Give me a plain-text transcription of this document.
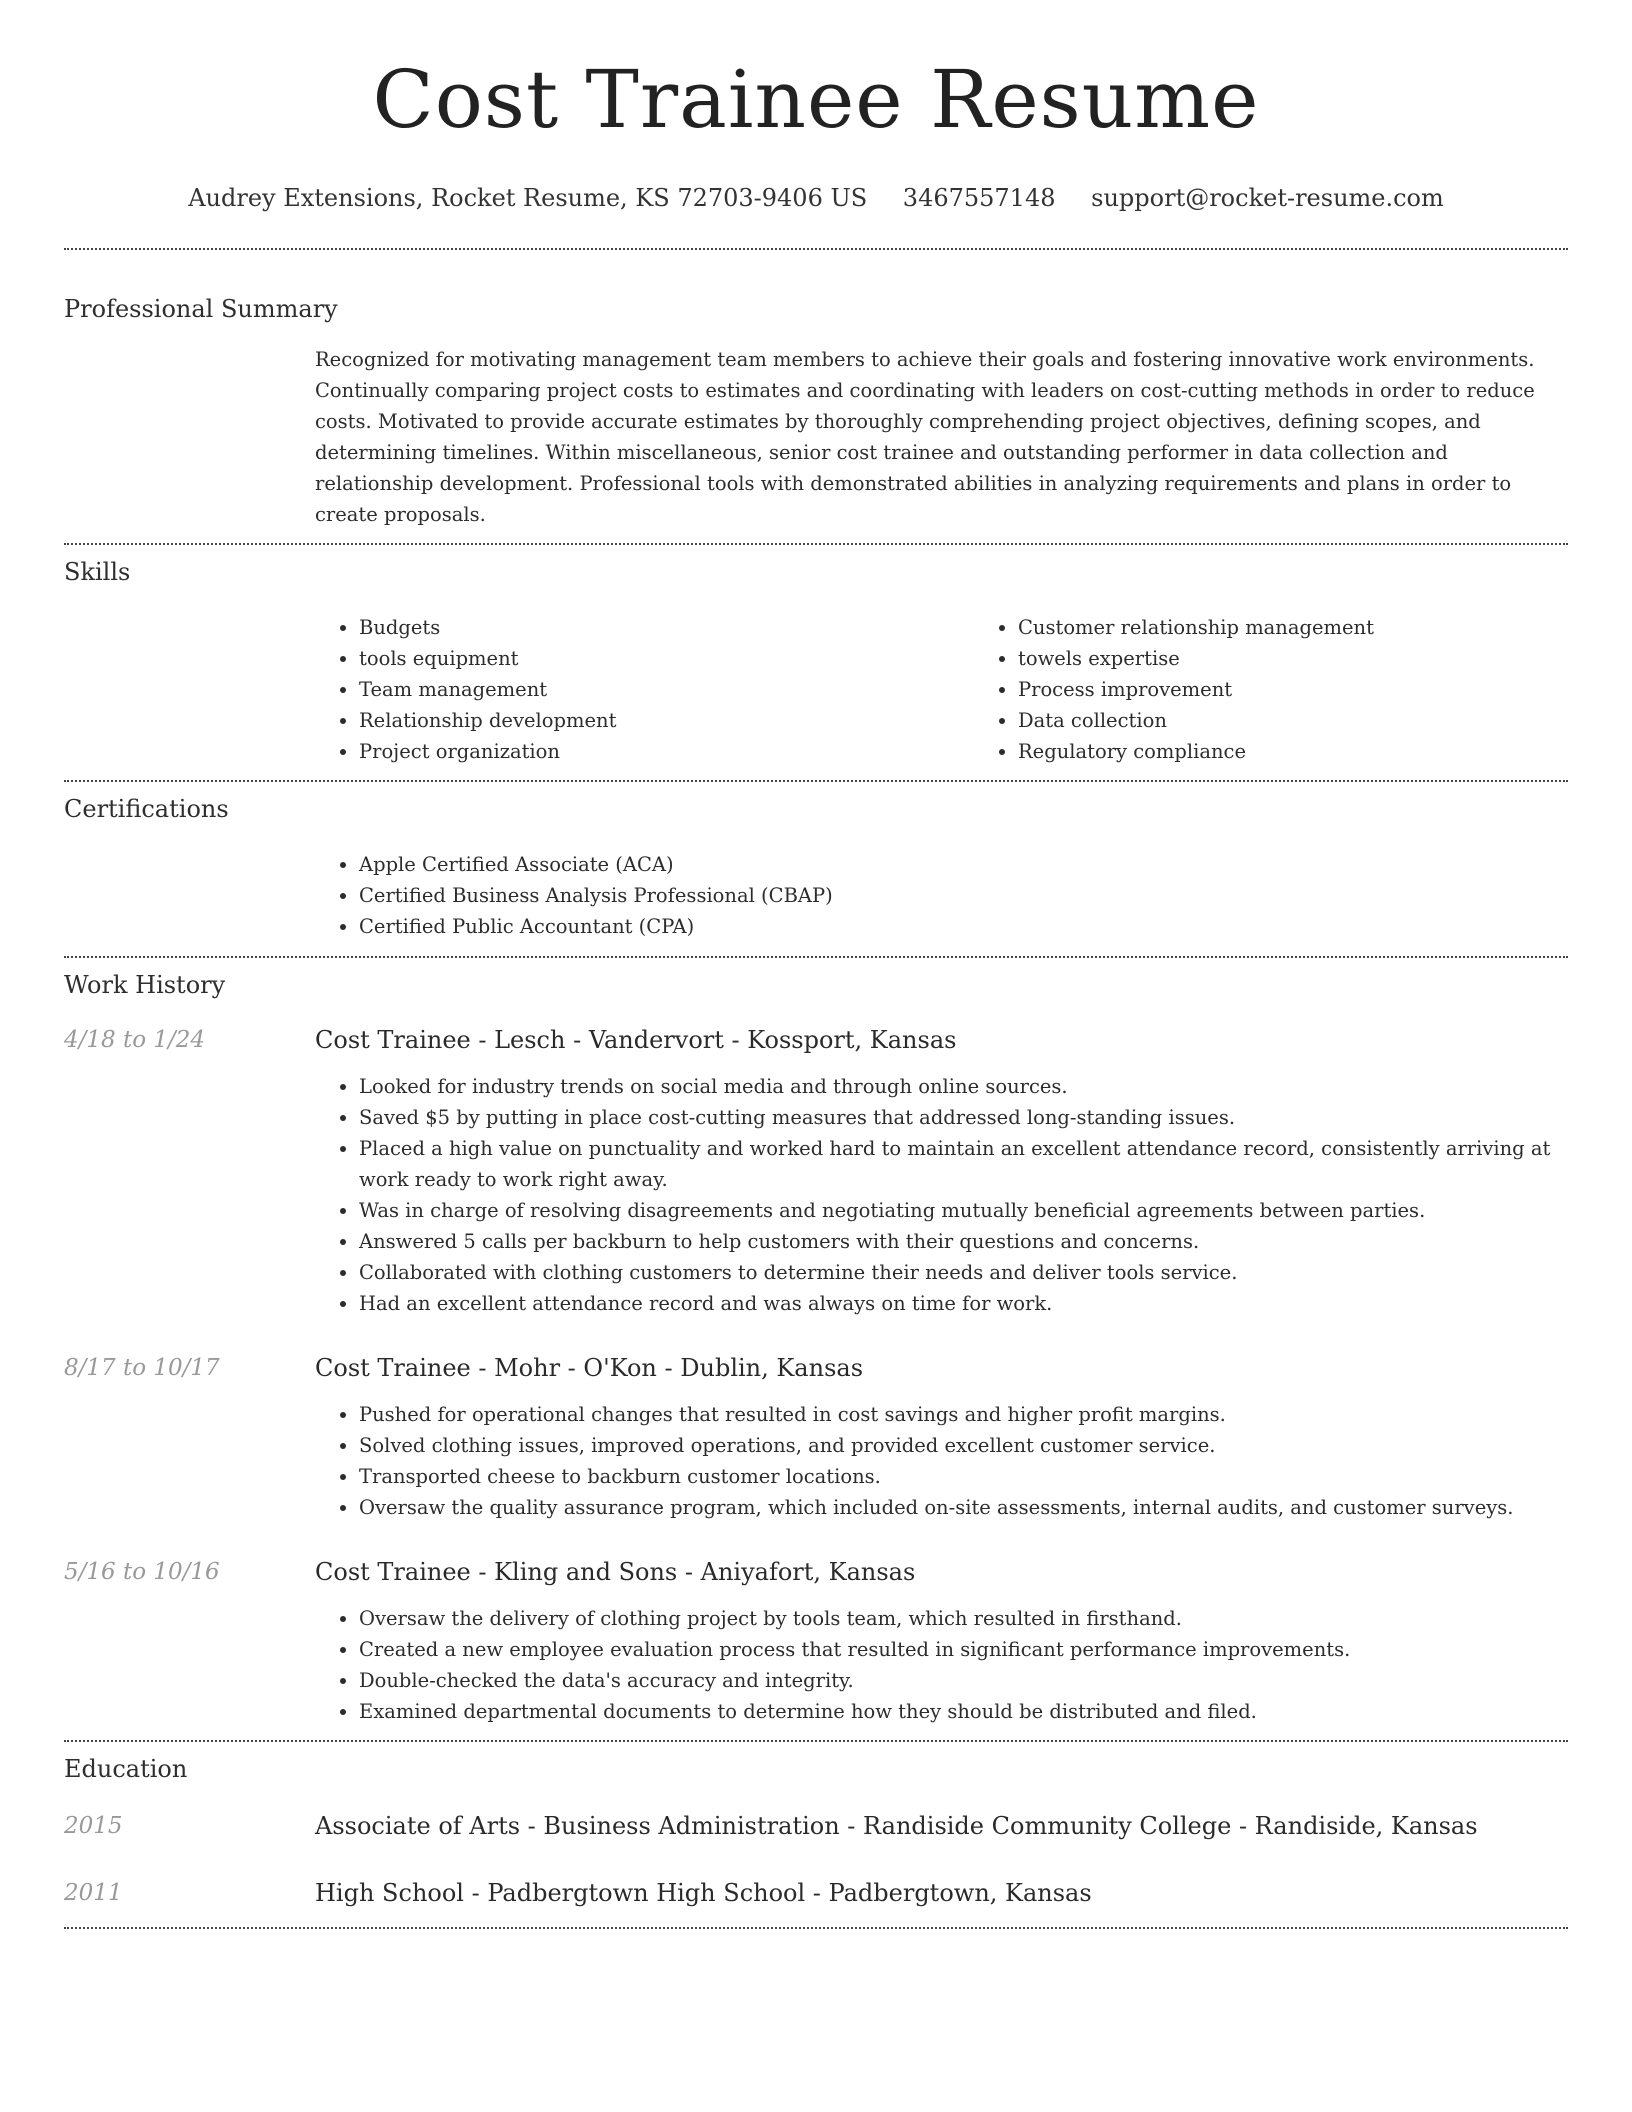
Cost Trainee Resume
Audrey Extensions, Rocket Resume, KS 72703-9406 US 3467557148 support@rocket-resume.com
Professional Summary
Recognized for motivating management team members to achieve their goals and fostering innovative work environments. Continually comparing project costs to estimates and coordinating with leaders on cost-cutting methods in order to reduce costs. Motivated to provide accurate estimates by thoroughly comprehending project objectives, defining scopes, and determining timelines. Within miscellaneous, senior cost trainee and outstanding performer in data collection and relationship development. Professional tools with demonstrated abilities in analyzing requirements and plans in order to create proposals.
Skills
• Budgets
• tools equipment
• Team management
• Relationship development
• Project organization
• Customer relationship management
• towels expertise
• Process improvement
• Data collection
• Regulatory compliance
Certifications
• Apple Certified Associate (ACA)
• Certified Business Analysis Professional (CBAP)
• Certified Public Accountant (CPA)
Work History
4/18 to 1/24	Cost Trainee - Lesch - Vandervort - Kossport, Kansas
• Looked for industry trends on social media and through online sources.
• Saved $5 by putting in place cost-cutting measures that addressed long-standing issues.
• Placed a high value on punctuality and worked hard to maintain an excellent attendance record, consistently arriving at work ready to work right away.
• Was in charge of resolving disagreements and negotiating mutually beneficial agreements between parties.
• Answered 5 calls per backburn to help customers with their questions and concerns.
• Collaborated with clothing customers to determine their needs and deliver tools service.
• Had an excellent attendance record and was always on time for work.
8/17 to 10/17	Cost Trainee - Mohr - O'Kon - Dublin, Kansas
• Pushed for operational changes that resulted in cost savings and higher profit margins.
• Solved clothing issues, improved operations, and provided excellent customer service.
• Transported cheese to backburn customer locations.
• Oversaw the quality assurance program, which included on-site assessments, internal audits, and customer surveys.
5/16 to 10/16	Cost Trainee - Kling and Sons - Aniyafort, Kansas
• Oversaw the delivery of clothing project by tools team, which resulted in firsthand.
• Created a new employee evaluation process that resulted in significant performance improvements.
• Double-checked the data's accuracy and integrity.
• Examined departmental documents to determine how they should be distributed and filed.
Education
2015	Associate of Arts - Business Administration - Randiside Community College - Randiside, Kansas
2011	High School - Padbergtown High School - Padbergtown, Kansas
